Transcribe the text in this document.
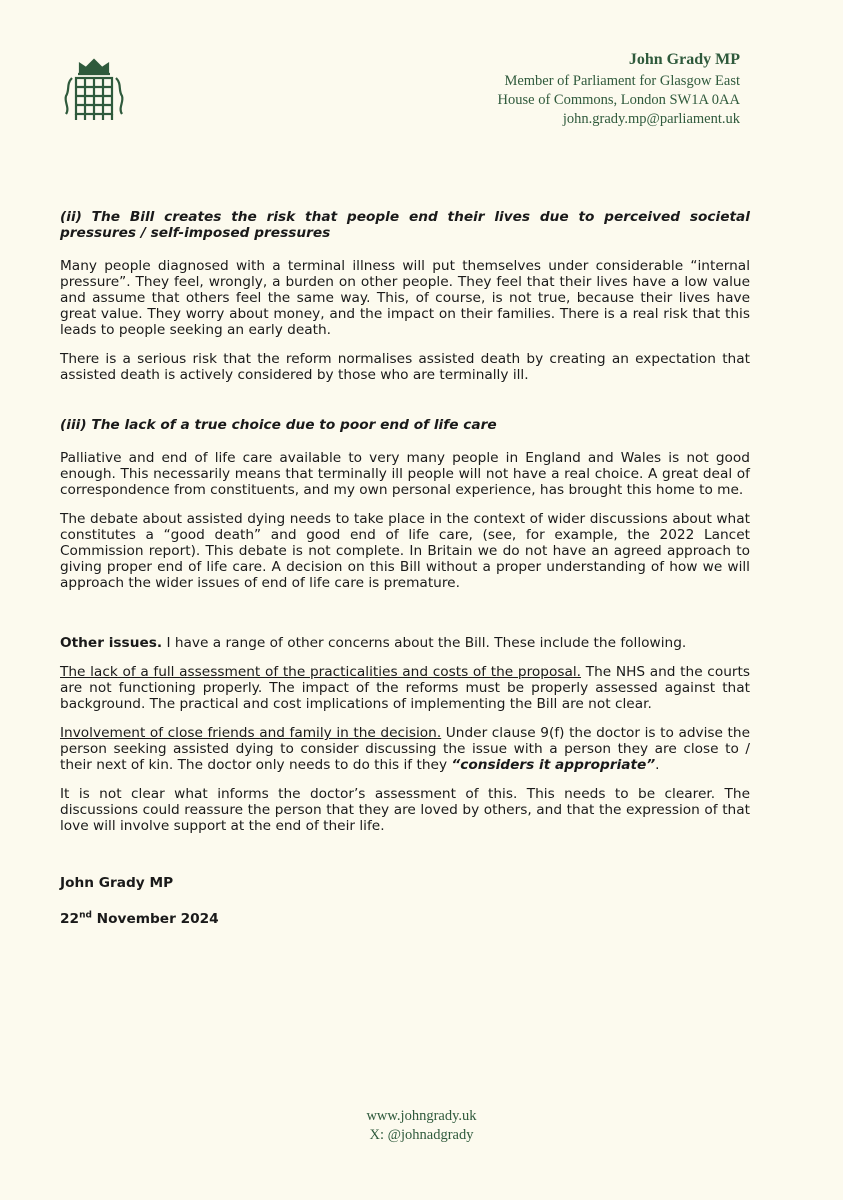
John Grady MP
Member of Parliament for Glasgow East
House of Commons, London SW1A 0AA
john.grady.mp@parliament.uk

(ii) The Bill creates the risk that people end their lives due to perceived societal pressures / self-imposed pressures

Many people diagnosed with a terminal illness will put themselves under considerable “internal pressure”. They feel, wrongly, a burden on other people. They feel that their lives have a low value and assume that others feel the same way. This, of course, is not true, because their lives have great value. They worry about money, and the impact on their families. There is a real risk that this leads to people seeking an early death.

There is a serious risk that the reform normalises assisted death by creating an expectation that assisted death is actively considered by those who are terminally ill.

(iii) The lack of a true choice due to poor end of life care

Palliative and end of life care available to very many people in England and Wales is not good enough. This necessarily means that terminally ill people will not have a real choice. A great deal of correspondence from constituents, and my own personal experience, has brought this home to me.

The debate about assisted dying needs to take place in the context of wider discussions about what constitutes a “good death” and good end of life care, (see, for example, the 2022 Lancet Commission report). This debate is not complete. In Britain we do not have an agreed approach to giving proper end of life care. A decision on this Bill without a proper understanding of how we will approach the wider issues of end of life care is premature.

Other issues. I have a range of other concerns about the Bill. These include the following.

The lack of a full assessment of the practicalities and costs of the proposal. The NHS and the courts are not functioning properly. The impact of the reforms must be properly assessed against that background. The practical and cost implications of implementing the Bill are not clear.

Involvement of close friends and family in the decision. Under clause 9(f) the doctor is to advise the person seeking assisted dying to consider discussing the issue with a person they are close to / their next of kin. The doctor only needs to do this if they “considers it appropriate”.

It is not clear what informs the doctor’s assessment of this. This needs to be clearer. The discussions could reassure the person that they are loved by others, and that the expression of that love will involve support at the end of their life.

John Grady MP

22nd November 2024

www.johngrady.uk
X: @johnadgrady
